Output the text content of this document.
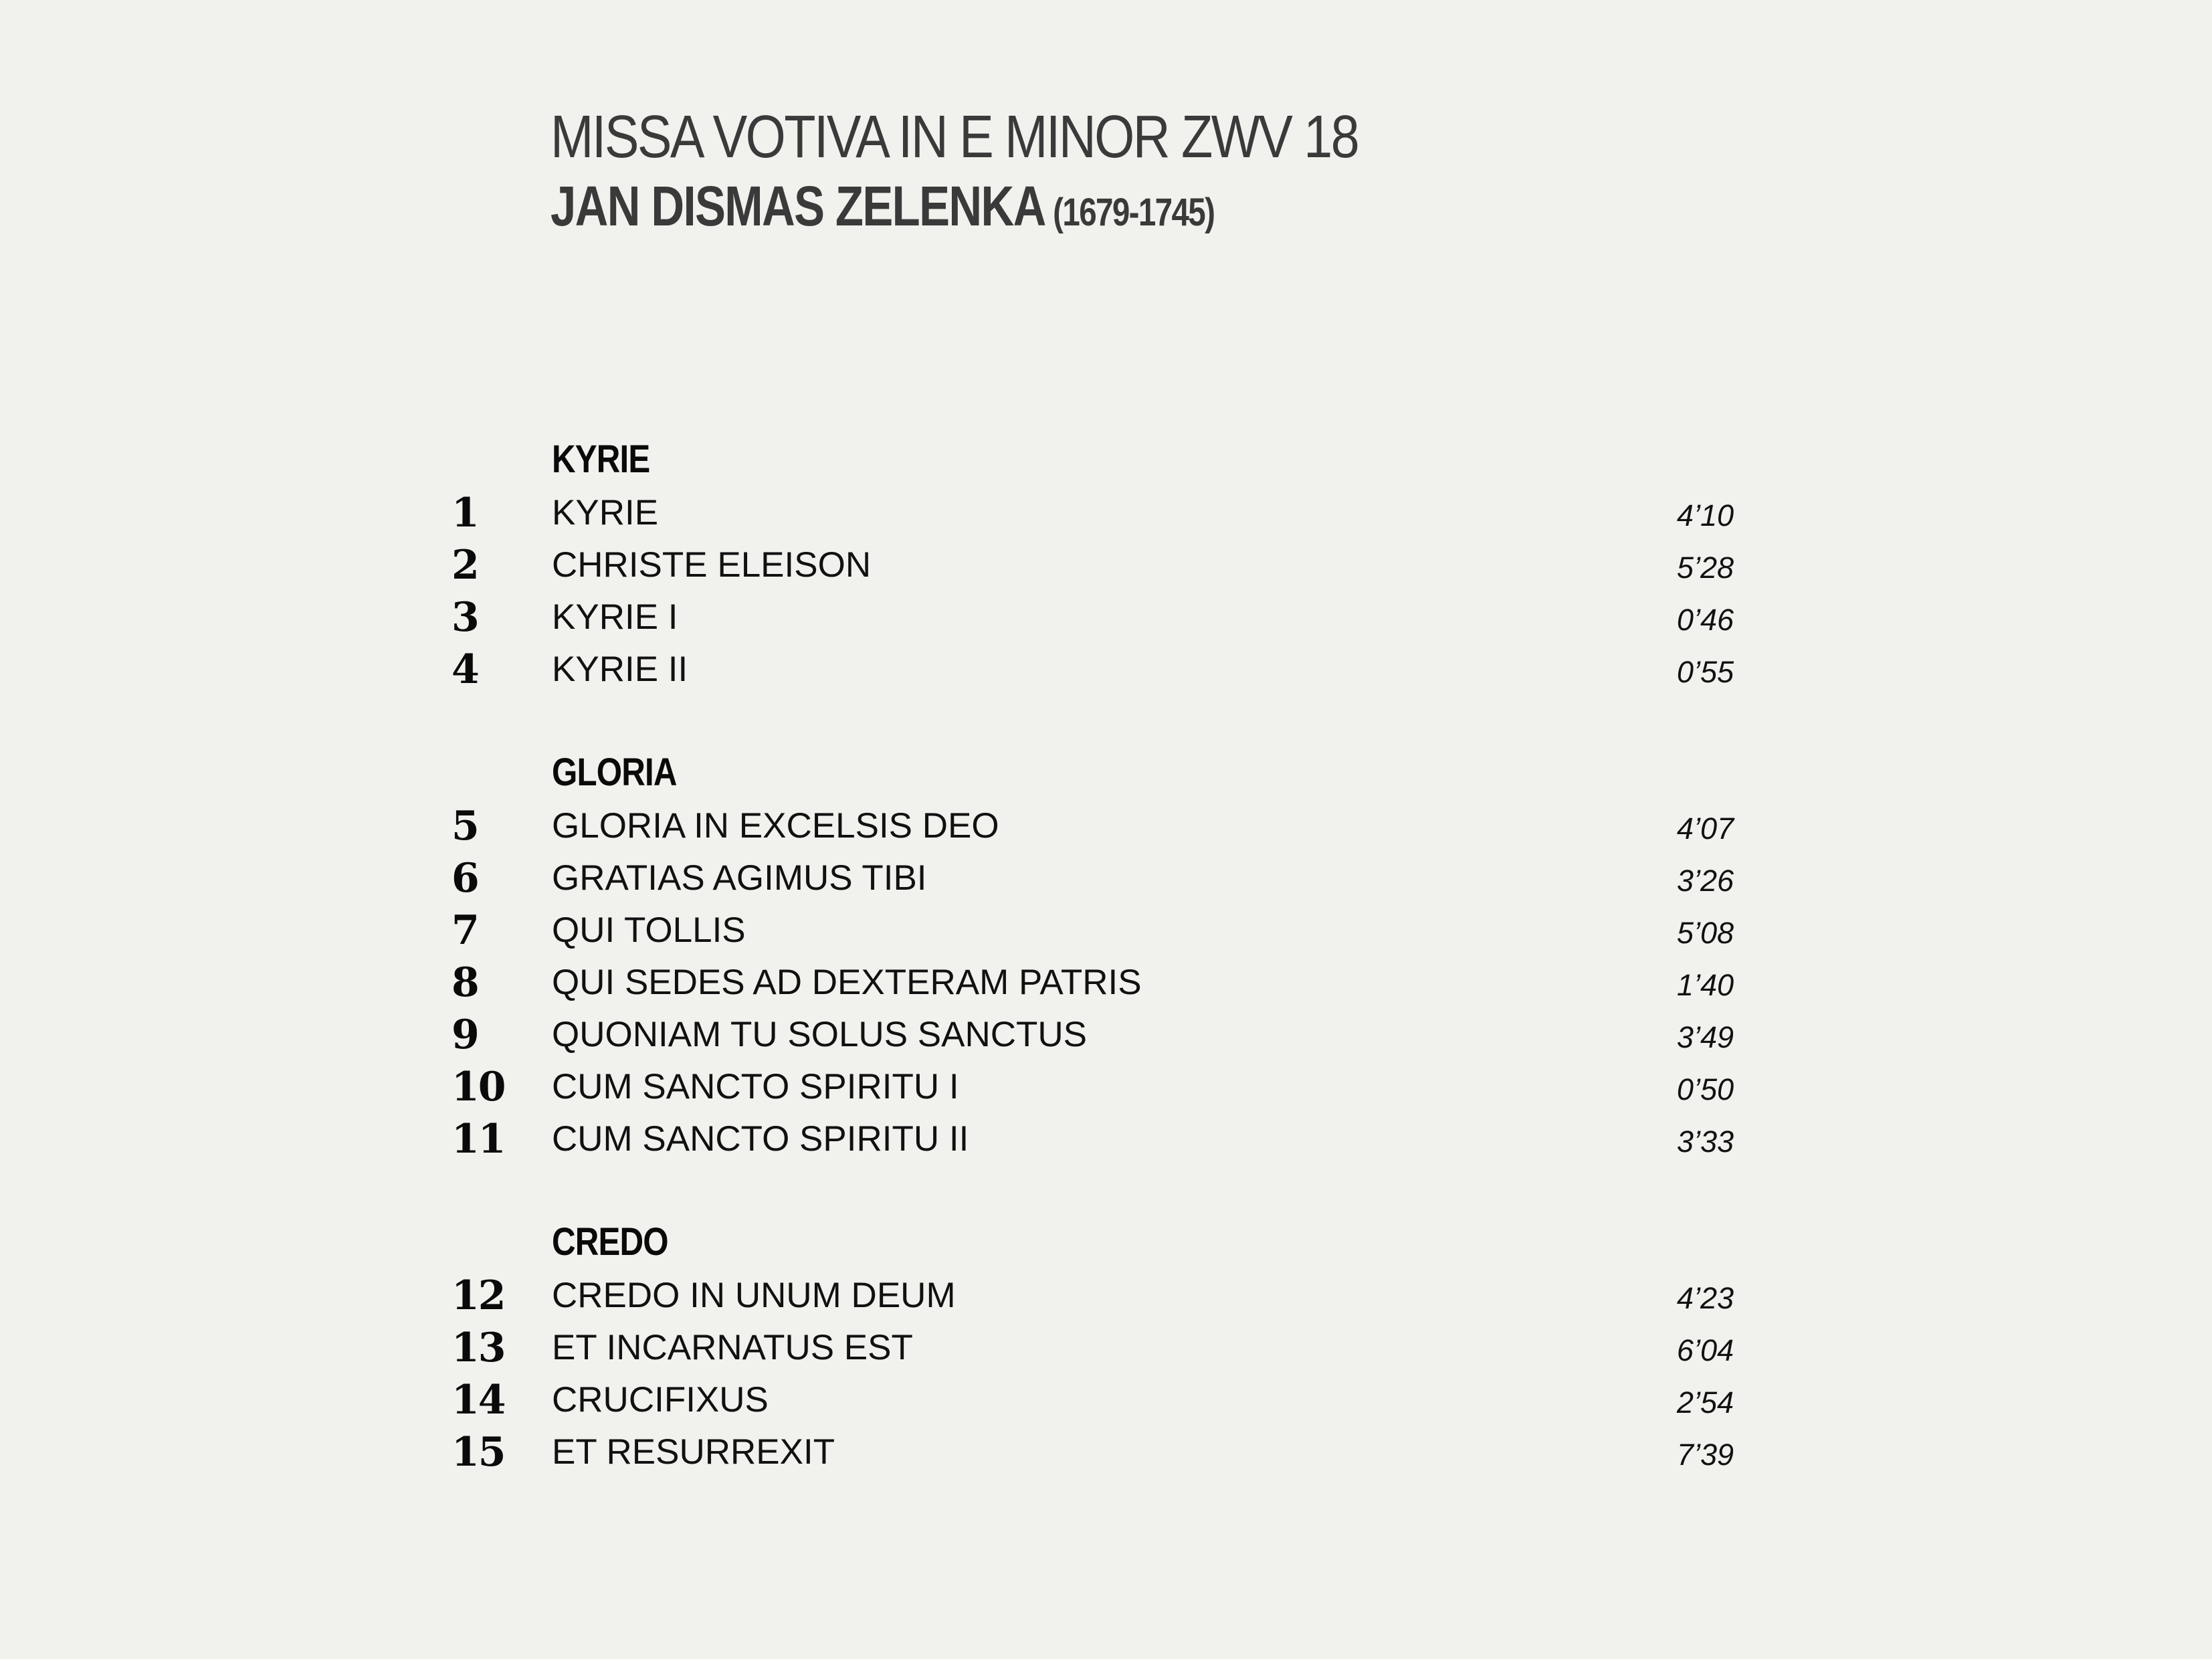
MISSA VOTIVA IN E MINOR ZWV 18
JAN DISMAS ZELENKA (1679-1745)
KYRIE
1 KYRIE	4’10
2 CHRISTE ELEISON	5’28
3 KYRIE I	0’46
4 KYRIE II	0’55
GLORIA
5 GLORIA IN EXCELSIS DEO	4’07
6 GRATIAS AGIMUS TIBI	3’26
7 QUI TOLLIS	5’08
8 QUI SEDES AD DEXTERAM PATRIS	1’40
9 QUONIAM TU SOLUS SANCTUS	3’49
10 CUM SANCTO SPIRITU I	0’50
11 CUM SANCTO SPIRITU II	3’33
CREDO
12 CREDO IN UNUM DEUM	4’23
13 ET INCARNATUS EST	6’04
14 CRUCIFIXUS	2’54
15 ET RESURREXIT	7’39
